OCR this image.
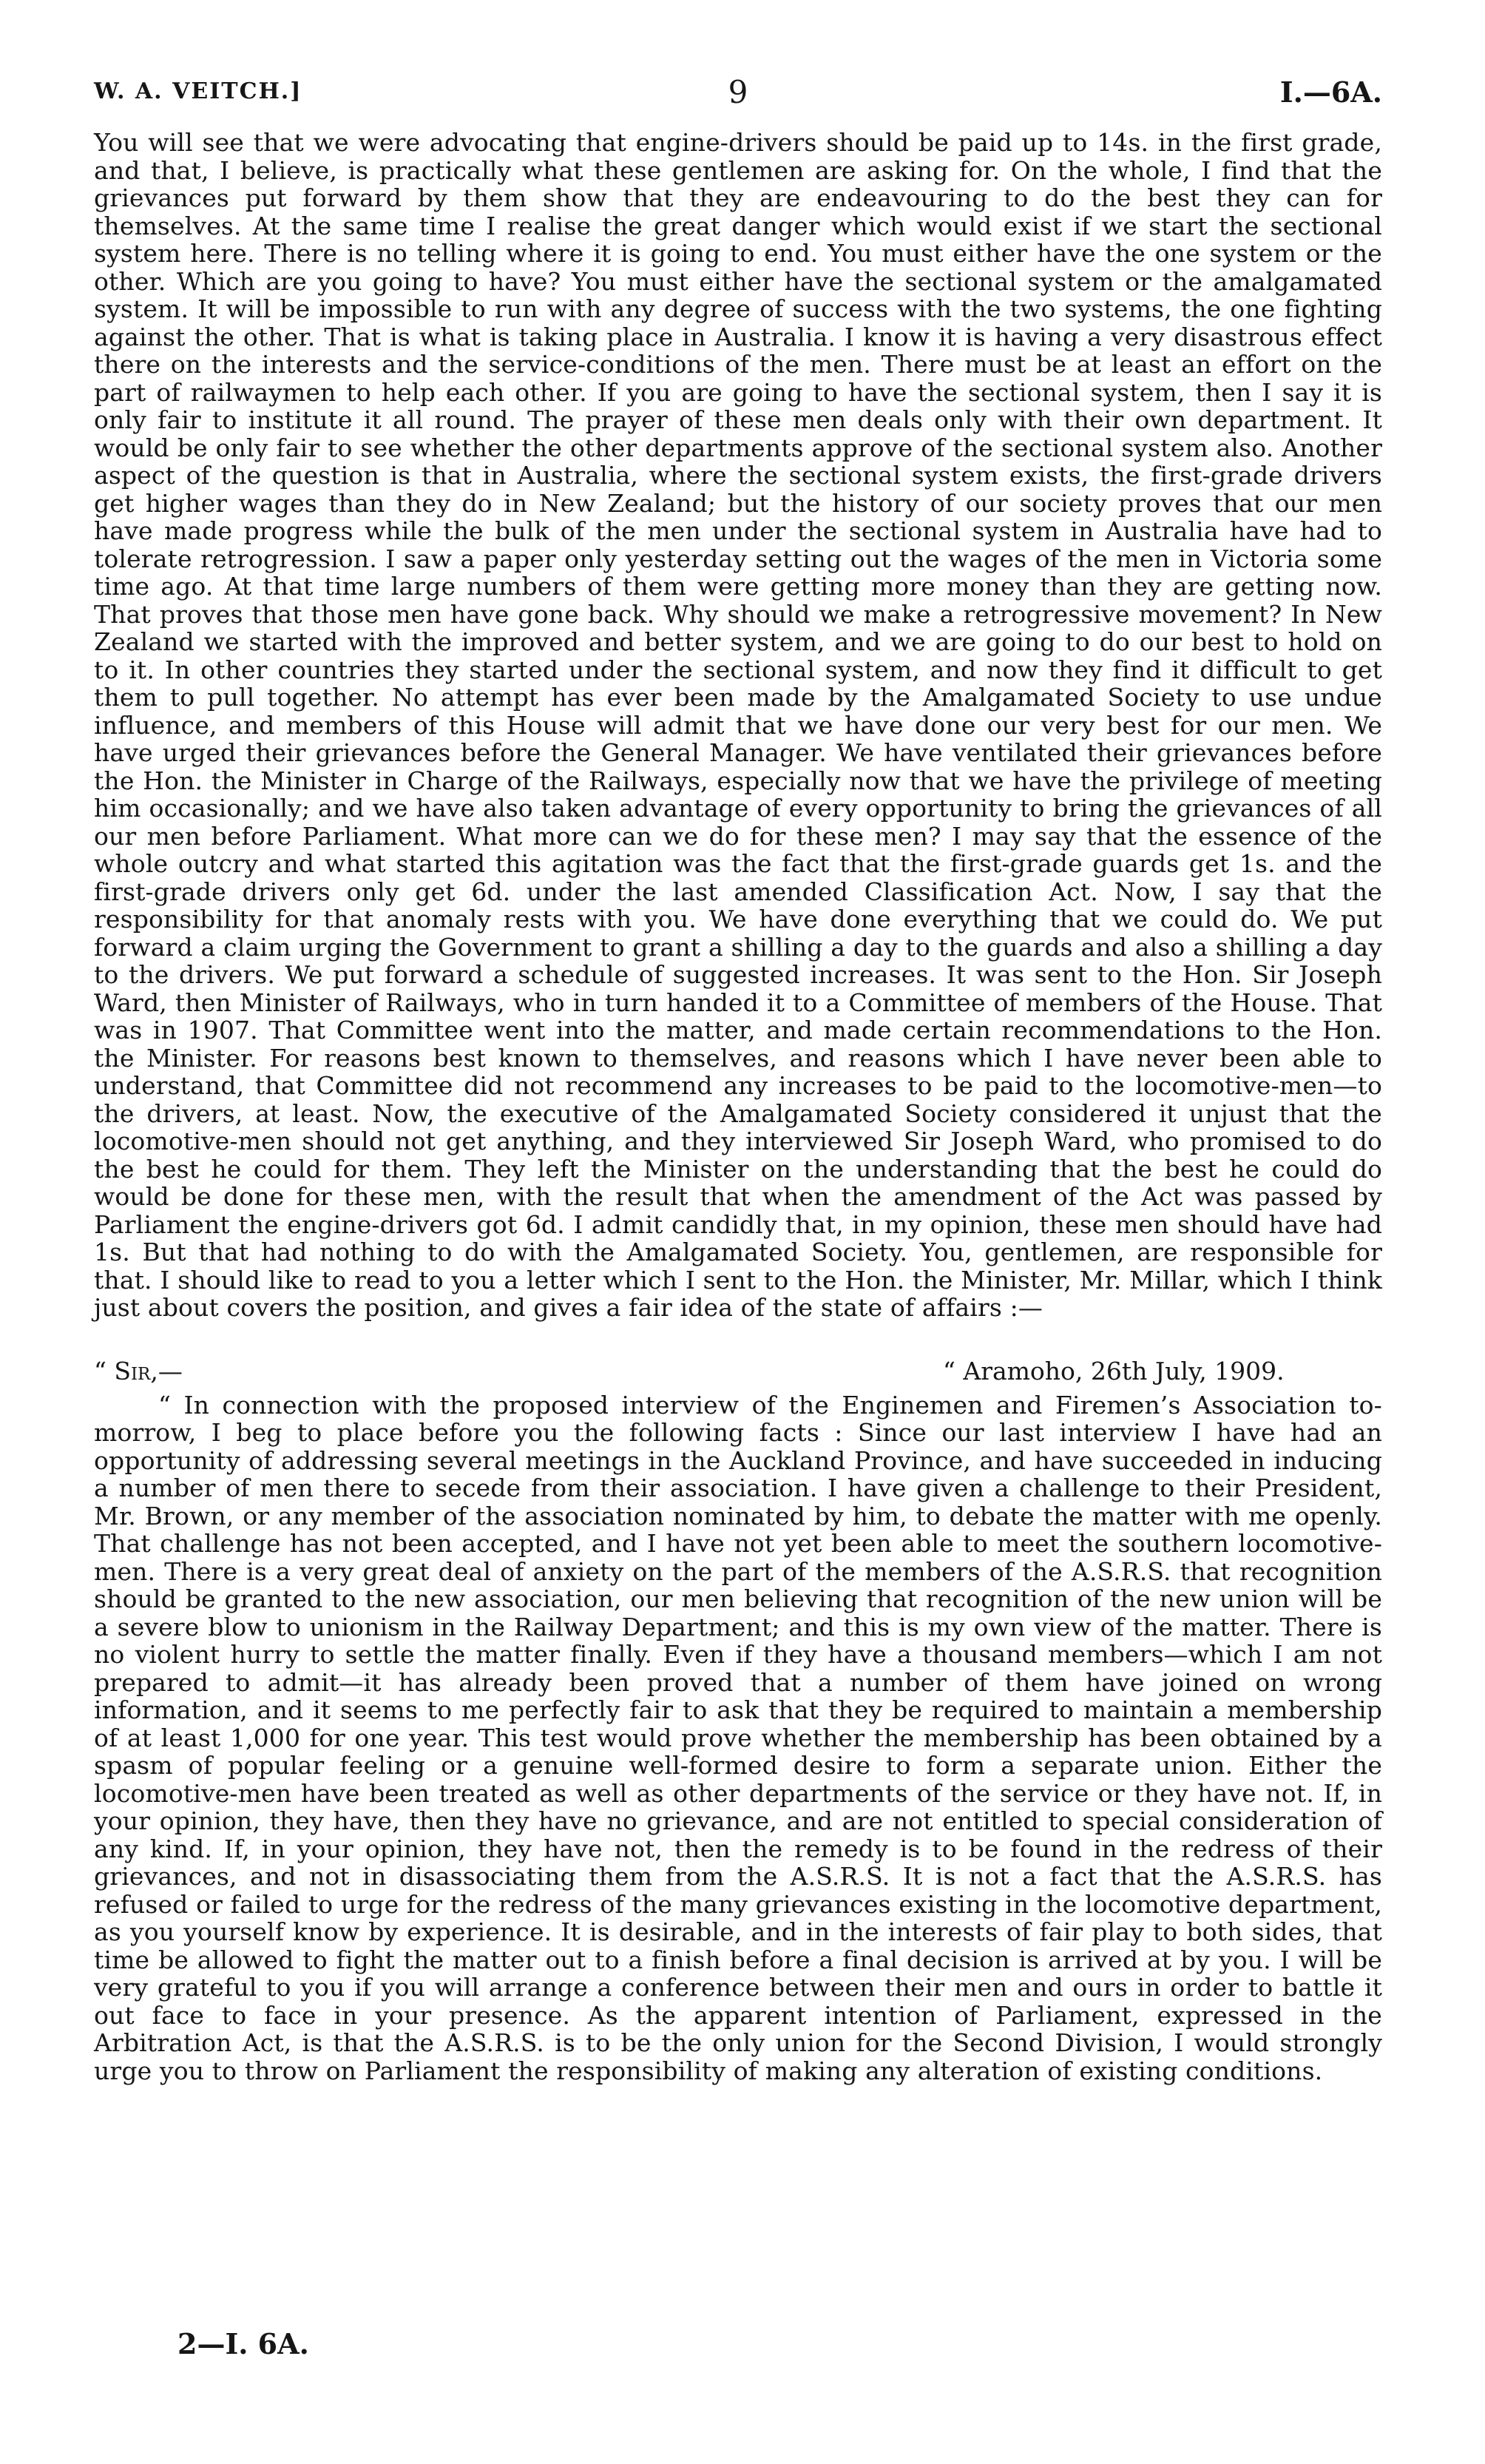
W. A. VEITCH.]	9	I.—6A.

You will see that we were advocating that engine-drivers should be paid up to 14s. in the first grade, and that, I believe, is practically what these gentlemen are asking for. On the whole, I find that the grievances put forward by them show that they are endeavouring to do the best they can for themselves. At the same time I realise the great danger which would exist if we start the sectional system here. There is no telling where it is going to end. You must either have the one system or the other. Which are you going to have? You must either have the sectional system or the amalgamated system. It will be impossible to run with any degree of success with the two systems, the one fighting against the other. That is what is taking place in Australia. I know it is having a very disastrous effect there on the interests and the service-conditions of the men. There must be at least an effort on the part of railwaymen to help each other. If you are going to have the sectional system, then I say it is only fair to institute it all round. The prayer of these men deals only with their own department. It would be only fair to see whether the other departments approve of the sectional system also. Another aspect of the question is that in Australia, where the sectional system exists, the first-grade drivers get higher wages than they do in New Zealand; but the history of our society proves that our men have made progress while the bulk of the men under the sectional system in Australia have had to tolerate retrogression. I saw a paper only yesterday setting out the wages of the men in Victoria some time ago. At that time large numbers of them were getting more money than they are getting now. That proves that those men have gone back. Why should we make a retrogressive movement? In New Zealand we started with the improved and better system, and we are going to do our best to hold on to it. In other countries they started under the sectional system, and now they find it difficult to get them to pull together. No attempt has ever been made by the Amalgamated Society to use undue influence, and members of this House will admit that we have done our very best for our men. We have urged their grievances before the General Manager. We have ventilated their grievances before the Hon. the Minister in Charge of the Railways, especially now that we have the privilege of meeting him occasionally; and we have also taken advantage of every opportunity to bring the grievances of all our men before Parliament. What more can we do for these men? I may say that the essence of the whole outcry and what started this agitation was the fact that the first-grade guards get 1s. and the first-grade drivers only get 6d. under the last amended Classification Act. Now, I say that the responsibility for that anomaly rests with you. We have done everything that we could do. We put forward a claim urging the Government to grant a shilling a day to the guards and also a shilling a day to the drivers. We put forward a schedule of suggested increases. It was sent to the Hon. Sir Joseph Ward, then Minister of Railways, who in turn handed it to a Committee of members of the House. That was in 1907. That Committee went into the matter, and made certain recommendations to the Hon. the Minister. For reasons best known to themselves, and reasons which I have never been able to understand, that Committee did not recommend any increases to be paid to the locomotive-men—to the drivers, at least. Now, the executive of the Amalgamated Society considered it unjust that the locomotive-men should not get anything, and they interviewed Sir Joseph Ward, who promised to do the best he could for them. They left the Minister on the understanding that the best he could do would be done for these men, with the result that when the amendment of the Act was passed by Parliament the engine-drivers got 6d. I admit candidly that, in my opinion, these men should have had 1s. But that had nothing to do with the Amalgamated Society. You, gentlemen, are responsible for that. I should like to read to you a letter which I sent to the Hon. the Minister, Mr. Millar, which I think just about covers the position, and gives a fair idea of the state of affairs :—

“ Sir,—	“ Aramoho, 26th July, 1909.

“ In connection with the proposed interview of the Enginemen and Firemen’s Association to-morrow, I beg to place before you the following facts : Since our last interview I have had an opportunity of addressing several meetings in the Auckland Province, and have succeeded in inducing a number of men there to secede from their association. I have given a challenge to their President, Mr. Brown, or any member of the association nominated by him, to debate the matter with me openly. That challenge has not been accepted, and I have not yet been able to meet the southern locomotive-men. There is a very great deal of anxiety on the part of the members of the A.S.R.S. that recognition should be granted to the new association, our men believing that recognition of the new union will be a severe blow to unionism in the Railway Department; and this is my own view of the matter. There is no violent hurry to settle the matter finally. Even if they have a thousand members—which I am not prepared to admit—it has already been proved that a number of them have joined on wrong information, and it seems to me perfectly fair to ask that they be required to maintain a membership of at least 1,000 for one year. This test would prove whether the membership has been obtained by a spasm of popular feeling or a genuine well-formed desire to form a separate union. Either the locomotive-men have been treated as well as other departments of the service or they have not. If, in your opinion, they have, then they have no grievance, and are not entitled to special consideration of any kind. If, in your opinion, they have not, then the remedy is to be found in the redress of their grievances, and not in disassociating them from the A.S.R.S. It is not a fact that the A.S.R.S. has refused or failed to urge for the redress of the many grievances existing in the locomotive department, as you yourself know by experience. It is desirable, and in the interests of fair play to both sides, that time be allowed to fight the matter out to a finish before a final decision is arrived at by you. I will be very grateful to you if you will arrange a conference between their men and ours in order to battle it out face to face in your presence. As the apparent intention of Parliament, expressed in the Arbitration Act, is that the A.S.R.S. is to be the only union for the Second Division, I would strongly urge you to throw on Parliament the responsibility of making any alteration of existing conditions.

2—I. 6A.
